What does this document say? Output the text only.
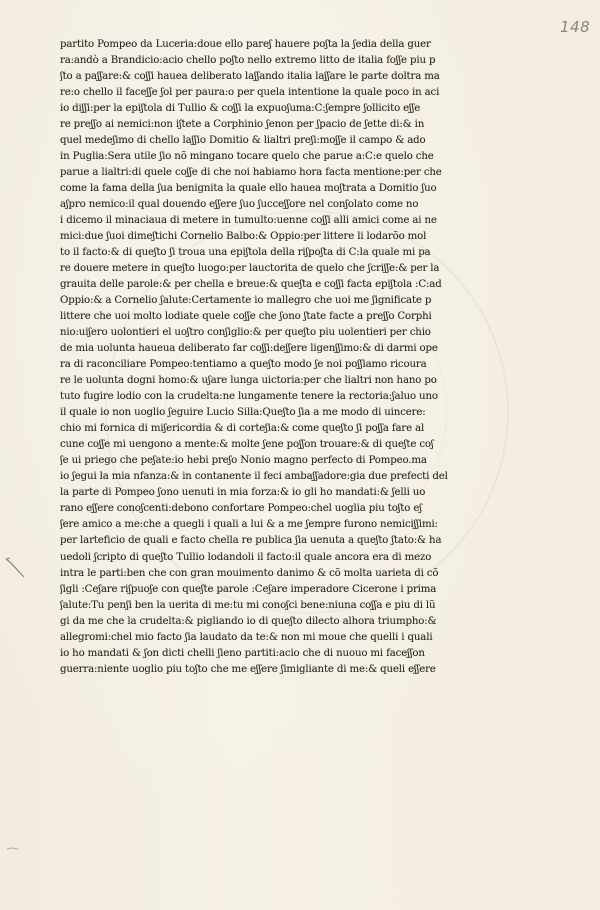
148
partito Pompeo da Luceria:doue ello pareʃ hauere poʃta la ʃedia della guer
ra:andò a Brandicio:acio chello poʃto nello extremo litto de italia foʃʃe piu p
ʃto a paʃʃare:& coʃʃi hauea deliberato laʃʃando italia laʃʃare le parte doltra ma
re:o chello il faceʃʃe ʃol per paura:o per quela intentione la quale poco in aci
io diʃʃi:per la epiʃtola di Tullio & coʃʃi la expuoʃuma:C:ʃempre ʃollicito eʃʃe
re preʃʃo ai nemici:non iʃtete a Corphinio ʃenon per ʃpacio de ʃette di:& in
quel medeʃimo di chello laʃʃio Domitio & lialtri preʃi:moʃʃe il campo & ado
in Puglia:Sera utile ʃio nõ mingano tocare quelo che parue a:C:e quelo che
parue a lialtri:di quele coʃʃe di che noi habiamo hora facta mentione:per che
come la fama della ʃua benignita la quale ello hauea moʃtrata a Domitio ʃuo
aʃpro nemico:il qual douendo eʃʃere ʃuo ʃucceʃʃore nel conʃolato come no
i dicemo il minaciaua di metere in tumulto:uenne coʃʃi alli amici come ai ne
mici:due ʃuoi dimeʃtichi Cornelio Balbo:& Oppio:per littere li lodarõo mol
to il facto:& di queʃto ʃi troua una epiʃtola della riʃpoʃta di C:la quale mi pa
re douere metere in queʃto luogo:per lauctorita de quelo che ʃcriʃʃe:& per la
grauita delle parole:& per chella e breue:& queʃta e coʃʃi facta epiʃtola :C:ad
Oppio:& a Cornelio ʃalute:Certamente io mallegro che uoi me ʃignificate p
littere che uoi molto lodiate quele coʃʃe che ʃono ʃtate facte a preʃʃo Corphi
nio:uiʃero uolontieri el uoʃtro conʃiglio:& per queʃto piu uolentieri per chio
de mia uolunta haueua deliberato far coʃʃi:deʃʃere ligenʃʃimo:& di darmi ope
ra di raconciliare Pompeo:tentiamo a queʃto modo ʃe noi poʃʃiamo ricoura
re le uolunta dogni homo:& uʃare lunga uictoria:per che lialtri non hano po
tuto fugire lodio con la crudelta:ne lungamente tenere la rectoria:ʃaluo uno
il quale io non uoglio ʃeguire Lucio Silla:Queʃto ʃia a me modo di uincere:
chio mi fornica di miʃericordia & di corteʃia:& come queʃto ʃi poʃʃa fare al
cune coʃʃe mi uengono a mente:& molte ʃene poʃʃon trouare:& di queʃte coʃ
ʃe ui priego che peʃate:io hebi preʃo Nonio magno perfecto di Pompeo.ma
io ʃegui la mia nfanza:& in contanente il feci ambaʃʃadore:gia due prefecti del
la parte di Pompeo ʃono uenuti in mia forza:& io gli ho mandati:& ʃelli uo
rano eʃʃere conoʃcenti:debono confortare Pompeo:chel uoglia piu toʃto eʃ
ʃere amico a me:che a quegli i quali a lui & a me ʃempre furono nemiciʃʃimi:
per larteficio de quali e facto chella re publica ʃia uenuta a queʃto ʃtato:& ha
uedoli ʃcripto di queʃto Tullio lodandoli il facto:il quale ancora era di mezo
intra le parti:ben che con gran mouimento danimo & cõ molta uarieta di cõ
ʃigli :Ceʃare riʃpuoʃe con queʃte parole :Ceʃare imperadore Cicerone i prima
ʃalute:Tu penʃi ben la uerita di me:tu mi conoʃci bene:niuna coʃʃa e piu di lũ
gi da me che la crudelta:& pigliando io di queʃto dilecto alhora triumpho:&
allegromi:chel mio facto ʃia laudato da te:& non mi moue che quelli i quali
io ho mandati & ʃon dicti chelli ʃieno partiti:acio che di nuouo mi faceʃʃon
guerra:niente uoglio piu toʃto che me eʃʃere ʃimigliante di me:& queli eʃʃere
